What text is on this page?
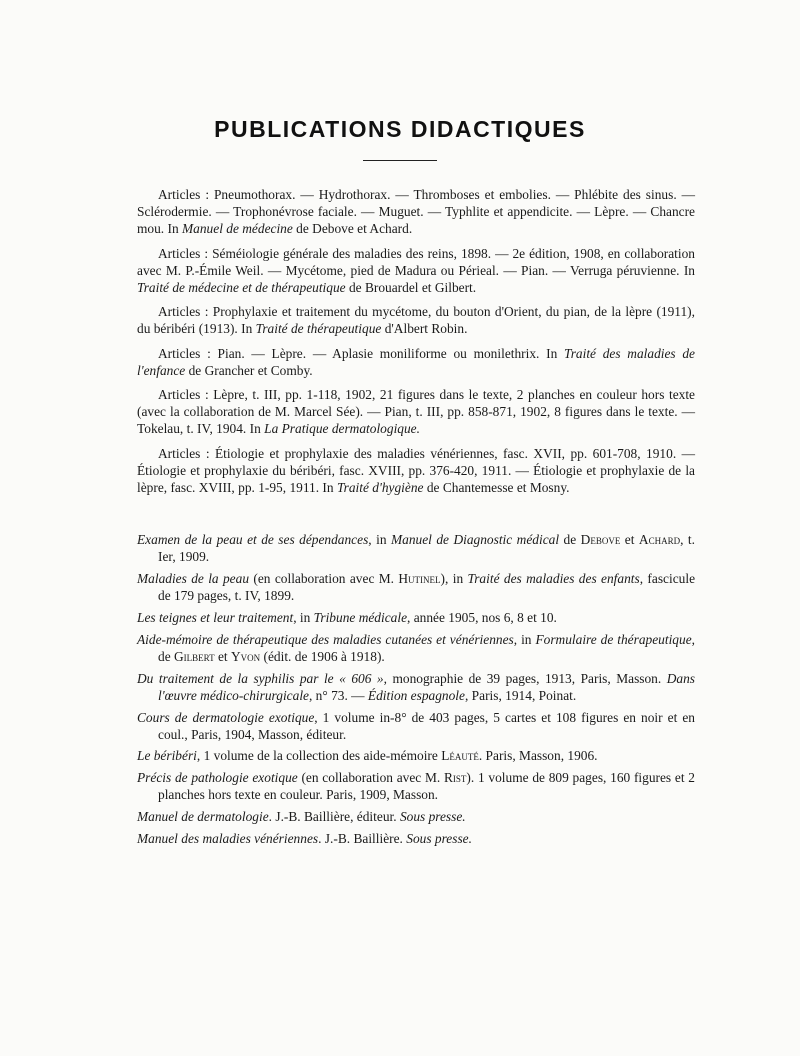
PUBLICATIONS DIDACTIQUES

Articles : Pneumothorax. — Hydrothorax. — Thromboses et embolies. — Phlébite des sinus. — Sclérodermie. — Trophonévrose faciale. — Muguet. — Typhlite et appendicite. — Lèpre. — Chancre mou. In Manuel de médecine de Debove et Achard.

Articles : Séméiologie générale des maladies des reins, 1898. — 2e édition, 1908, en collaboration avec M. P.-Émile Weil. — Mycétome, pied de Madura ou Périeal. — Pian. — Verruga péruvienne. In Traité de médecine et de thérapeutique de Brouardel et Gilbert.

Articles : Prophylaxie et traitement du mycétome, du bouton d'Orient, du pian, de la lèpre (1911), du béribéri (1913). In Traité de thérapeutique d'Albert Robin.

Articles : Pian. — Lèpre. — Aplasie moniliforme ou monilethrix. In Traité des maladies de l'enfance de Grancher et Comby.

Articles : Lèpre, t. III, pp. 1-118, 1902, 21 figures dans le texte, 2 planches en couleur hors texte (avec la collaboration de M. Marcel Sée). — Pian, t. III, pp. 858-871, 1902, 8 figures dans le texte. — Tokelau, t. IV, 1904. In La Pratique dermatologique.

Articles : Étiologie et prophylaxie des maladies vénériennes, fasc. XVII, pp. 601-708, 1910. — Étiologie et prophylaxie du béribéri, fasc. XVIII, pp. 376-420, 1911. — Étiologie et prophylaxie de la lèpre, fasc. XVIII, pp. 1-95, 1911. In Traité d'hygiène de Chantemesse et Mosny.

Examen de la peau et de ses dépendances, in Manuel de Diagnostic médical de Debove et Achard, t. Ier, 1909.

Maladies de la peau (en collaboration avec M. Hutinel), in Traité des maladies des enfants, fascicule de 179 pages, t. IV, 1899.

Les teignes et leur traitement, in Tribune médicale, année 1905, nos 6, 8 et 10.

Aide-mémoire de thérapeutique des maladies cutanées et vénériennes, in Formulaire de thérapeutique, de Gilbert et Yvon (édit. de 1906 à 1918).

Du traitement de la syphilis par le « 606 », monographie de 39 pages, 1913, Paris, Masson. Dans l'œuvre médico-chirurgicale, n° 73. — Édition espagnole, Paris, 1914, Poinat.

Cours de dermatologie exotique, 1 volume in-8° de 403 pages, 5 cartes et 108 figures en noir et en coul., Paris, 1904, Masson, éditeur.

Le béribéri, 1 volume de la collection des aide-mémoire Léauté. Paris, Masson, 1906.

Précis de pathologie exotique (en collaboration avec M. Rist). 1 volume de 809 pages, 160 figures et 2 planches hors texte en couleur. Paris, 1909, Masson.

Manuel de dermatologie. J.-B. Baillière, éditeur. Sous presse.

Manuel des maladies vénériennes. J.-B. Baillière. Sous presse.
